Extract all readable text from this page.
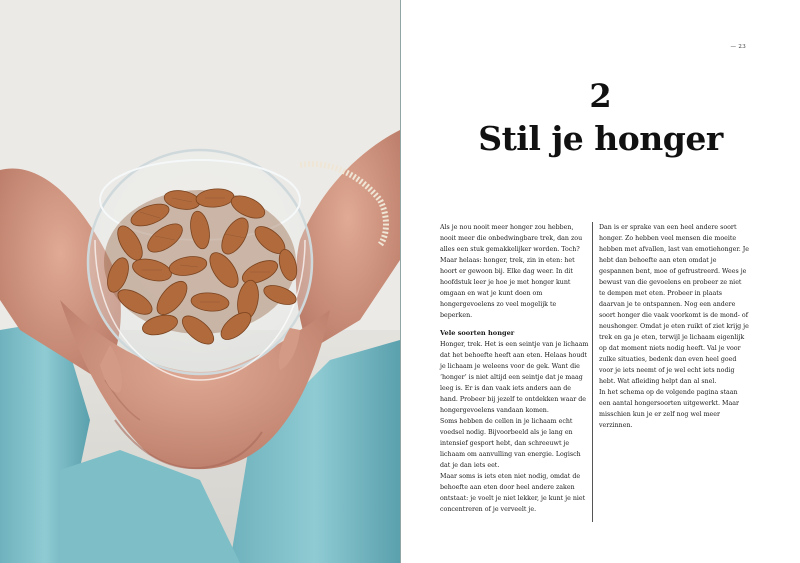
— 23
2
Stil je honger

Als je nou nooit meer honger zou hebben, nooit meer die onbedwingbare trek, dan zou alles een stuk gemakkelijker worden. Toch? Maar helaas: honger, trek, zin in eten: het hoort er gewoon bij. Elke dag weer. In dit hoofdstuk leer je hoe je met honger kunt omgaan en wat je kunt doen om hongergevoelens zo veel mogelijk te beperken.

Vele soorten honger

Honger, trek. Het is een seintje van je lichaam dat het behoefte heeft aan eten. Helaas houdt je lichaam je weleens voor de gek. Want die ‘honger’ is niet altijd een seintje dat je maag leeg is. Er is dan vaak iets anders aan de hand. Probeer bij jezelf te ontdekken waar de hongergevoelens vandaan komen.

Soms hebben de cellen in je lichaam echt voedsel nodig. Bijvoorbeeld als je lang en intensief gesport hebt, dan schreeuwt je lichaam om aanvulling van energie. Logisch dat je dan iets eet.

Maar soms is iets eten niet nodig, omdat de behoefte aan eten door heel andere zaken ontstaat: je voelt je niet lekker, je kunt je niet concentreren of je verveelt je.

Dan is er sprake van een heel andere soort honger. Zo hebben veel mensen die moeite hebben met afvallen, last van emotiehonger. Je hebt dan behoefte aan eten omdat je gespannen bent, moe of gefrustreerd. Wees je bewust van die gevoelens en probeer ze niet te dempen met eten. Probeer in plaats daarvan je te ontspannen. Nog een andere soort honger die vaak voorkomt is de mond- of neushonger. Omdat je eten ruikt of ziet krijg je trek en ga je eten, terwijl je lichaam eigenlijk op dat moment niets nodig heeft. Val je voor zulke situaties, bedenk dan even heel goed voor je iets neemt of je wel echt iets nodig hebt. Wat afleiding helpt dan al snel.

In het schema op de volgende pagina staan een aantal hongersoorten uitgewerkt. Maar misschien kun je er zelf nog wel meer verzinnen.
